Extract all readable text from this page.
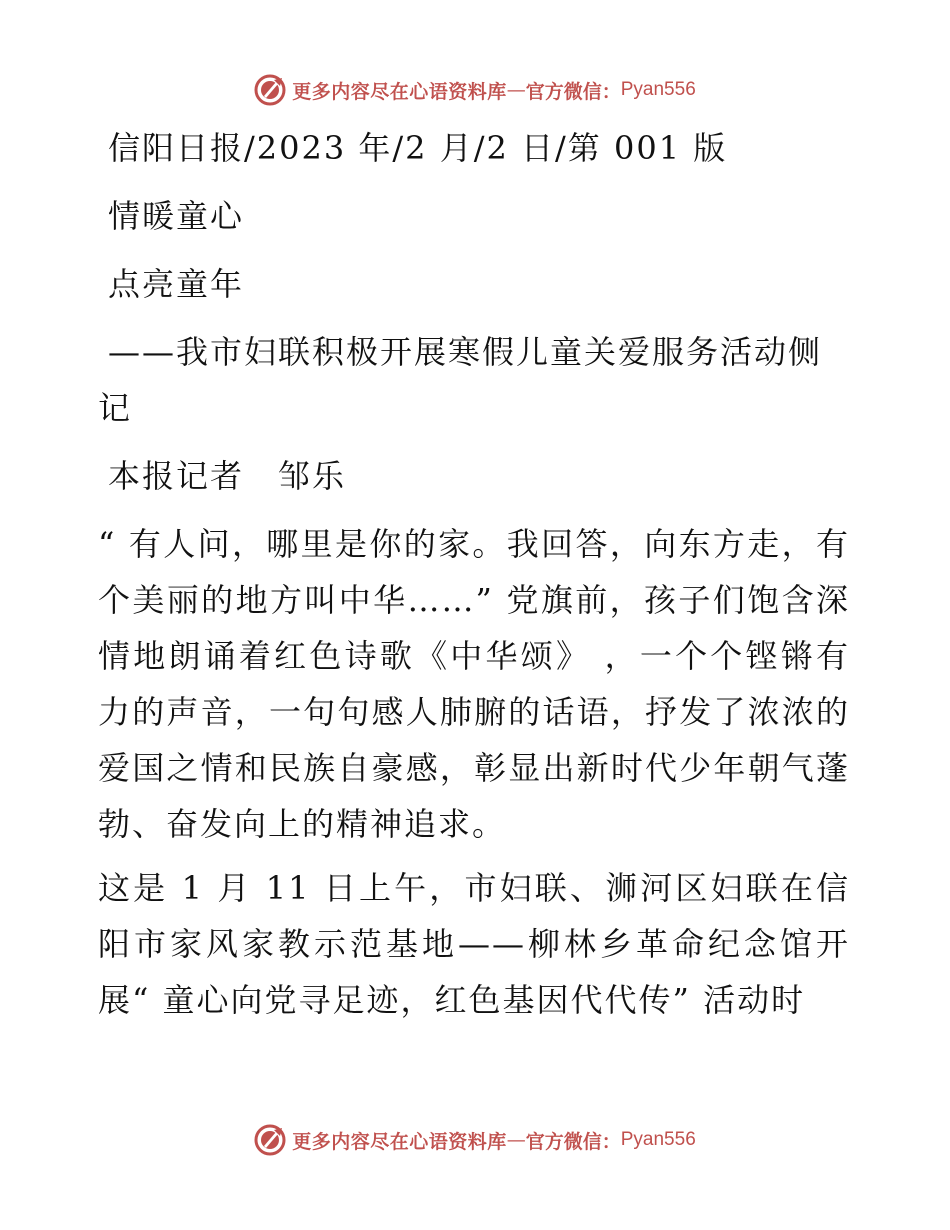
更多内容尽在心语资料库 — 官方微信： Pyan556

信阳日报/2023 年/2 月/2 日/第 001 版

情暖童心

点亮童年

——我市妇联积极开展寒假儿童关爱服务活动侧

记

本报记者　邹乐

“ 有人问，哪里是你的家。我回答，向东方走，有个美丽的地方叫中华……” 党旗前，孩子们饱含深情地朗诵着红色诗歌《中华颂》 ，一个个铿锵有力的声音，一句句感人肺腑的话语，抒发了浓浓的爱国之情和民族自豪感，彰显出新时代少年朝气蓬勃、奋发向上的精神追求。

这是 1 月 11 日上午，市妇联、浉河区妇联在信阳市家风家教示范基地——柳林乡革命纪念馆开展“ 童心向党寻足迹，红色基因代代传” 活动时

更多内容尽在心语资料库 — 官方微信： Pyan556
